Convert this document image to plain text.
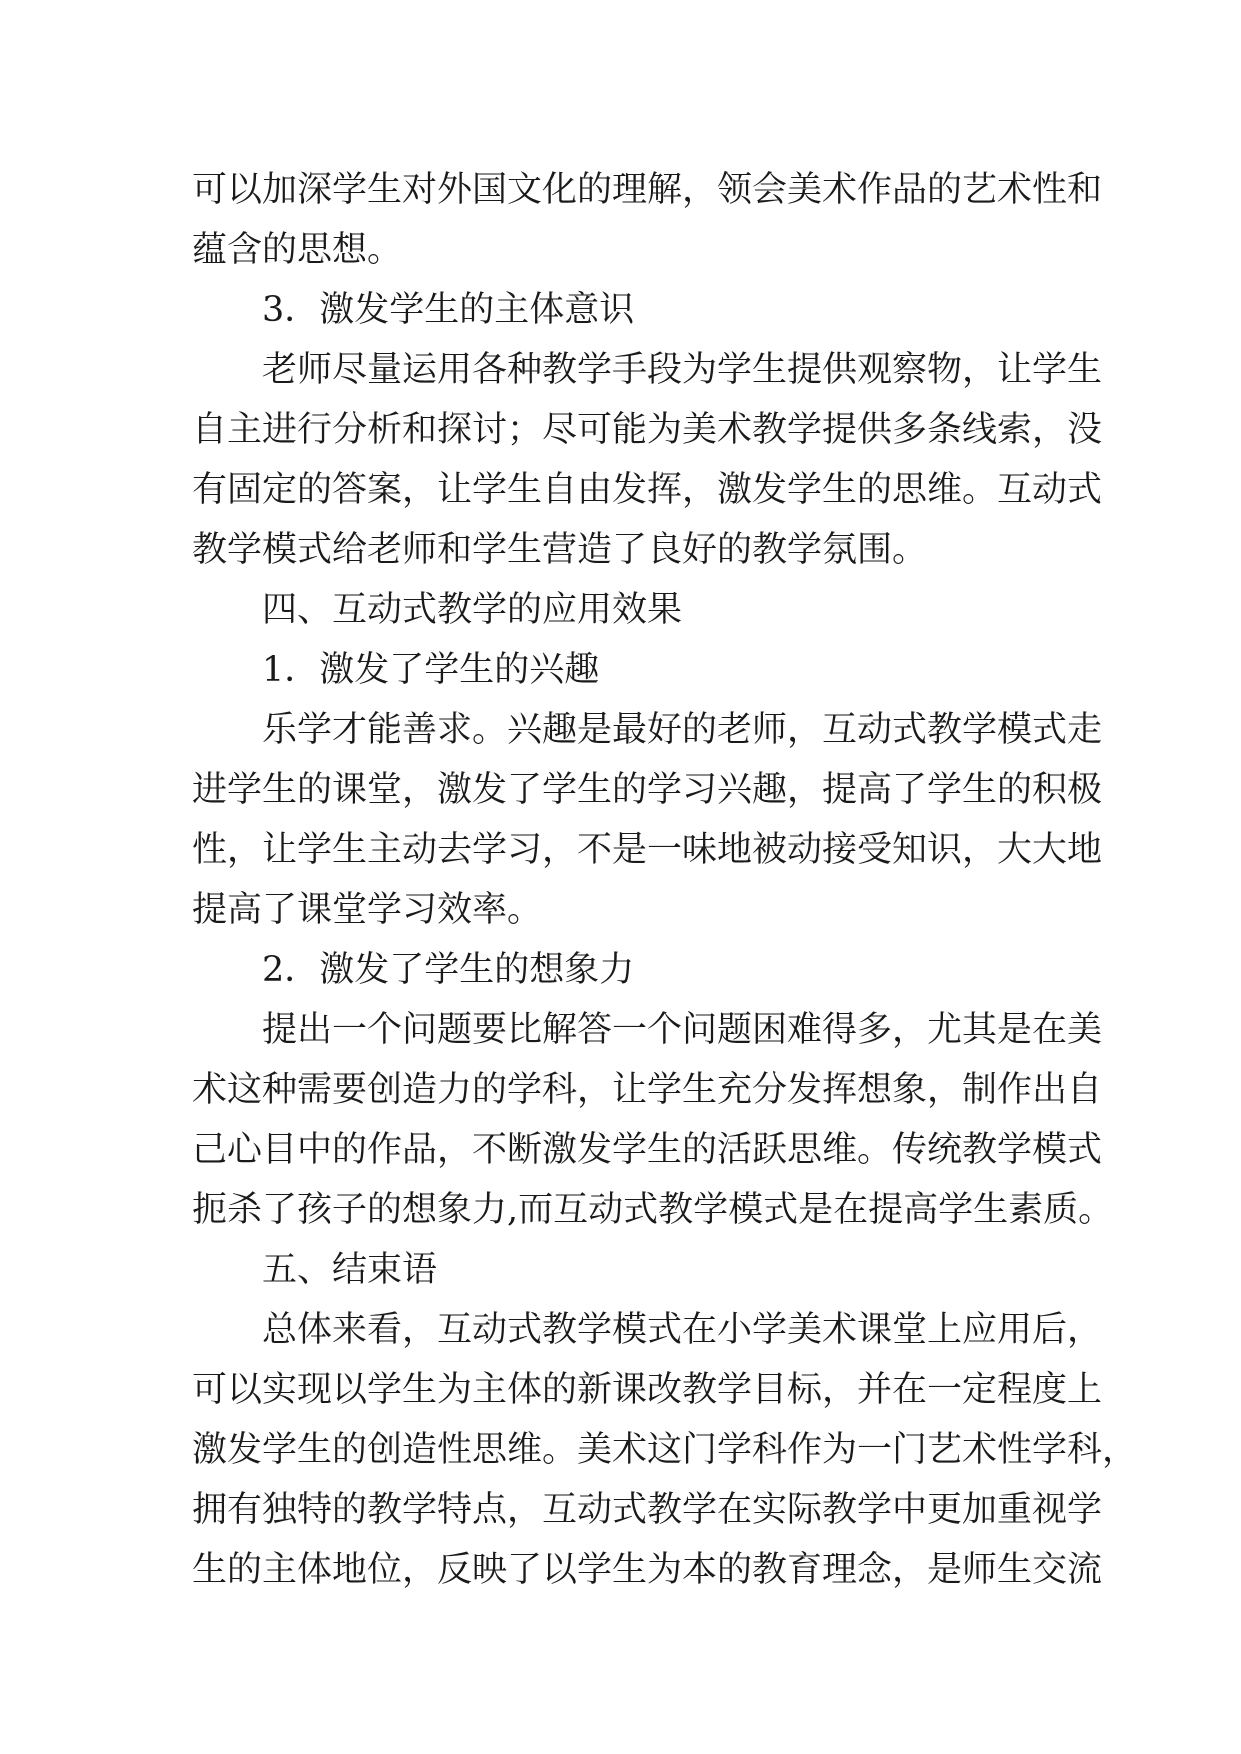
可以加深学生对外国文化的理解，领会美术作品的艺术性和

蕴含的思想。

3．激发学生的主体意识

老师尽量运用各种教学手段为学生提供观察物，让学生

自主进行分析和探讨；尽可能为美术教学提供多条线索，没

有固定的答案，让学生自由发挥，激发学生的思维。互动式

教学模式给老师和学生营造了良好的教学氛围。

四、互动式教学的应用效果

1．激发了学生的兴趣

乐学才能善求。兴趣是最好的老师，互动式教学模式走

进学生的课堂，激发了学生的学习兴趣，提高了学生的积极

性，让学生主动去学习，不是一味地被动接受知识，大大地

提高了课堂学习效率。

2．激发了学生的想象力

提出一个问题要比解答一个问题困难得多，尤其是在美

术这种需要创造力的学科，让学生充分发挥想象，制作出自

己心目中的作品，不断激发学生的活跃思维。传统教学模式

扼杀了孩子的想象力,而互动式教学模式是在提高学生素质。

五、结束语

总体来看，互动式教学模式在小学美术课堂上应用后，

可以实现以学生为主体的新课改教学目标，并在一定程度上

激发学生的创造性思维。美术这门学科作为一门艺术性学科，

拥有独特的教学特点，互动式教学在实际教学中更加重视学

生的主体地位，反映了以学生为本的教育理念，是师生交流
